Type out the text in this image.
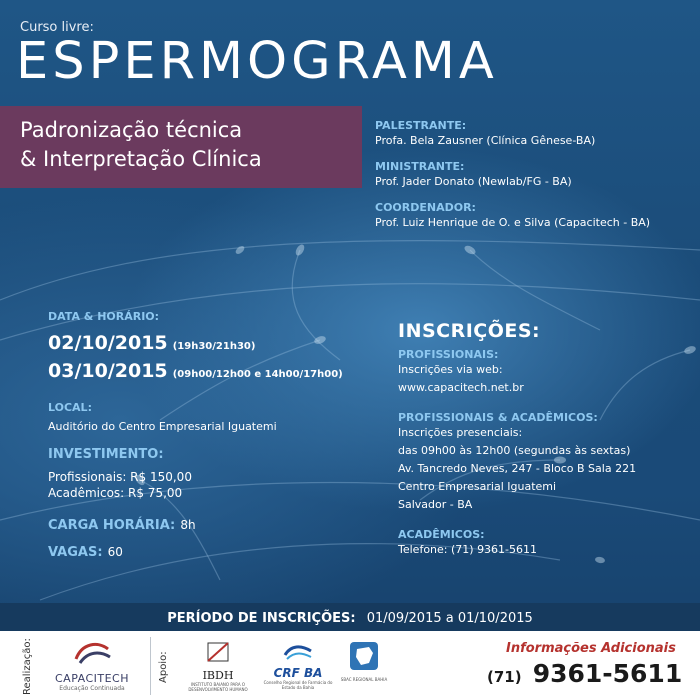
Curso livre:
ESPERMOGRAMA
Padronização técnica
& Interpretação Clínica
PALESTRANTE:
Profa. Bela Zausner (Clínica Gênese-BA)
MINISTRANTE:
Prof. Jader Donato (Newlab/FG - BA)
COORDENADOR:
Prof. Luiz Henrique de O. e Silva (Capacitech - BA)
DATA & HORÁRIO:
02/10/2015 (19h30/21h30)
03/10/2015 (09h00/12h00 e 14h00/17h00)
LOCAL:
Auditório do Centro Empresarial Iguatemi
INVESTIMENTO:
Profissionais: R$ 150,00
Acadêmicos: R$ 75,00
CARGA HORÁRIA: 8h
VAGAS: 60
INSCRIÇÕES:
PROFISSIONAIS:
Inscrições via web:
www.capacitech.net.br
PROFISSIONAIS & ACADÊMICOS:
Inscrições presenciais:
das 09h00 às 12h00 (segundas às sextas)
Av. Tancredo Neves, 247 - Bloco B Sala 221
Centro Empresarial Iguatemi
Salvador - BA
ACADÊMICOS:
Telefone: (71) 9361-5611
PERÍODO DE INSCRIÇÕES: 01/09/2015 a 01/10/2015
Realização:	CAPACITECH
Educação Continuada
Apoio:	IBDH
INSTITUTO BAIANO PARA O DESENVOLVIMENTO HUMANO
CRF BA
Conselho Regional de Farmácia do Estado da Bahia
SBAC REGIONAL BAHIA
Informações Adicionais
(71) 9361-5611
